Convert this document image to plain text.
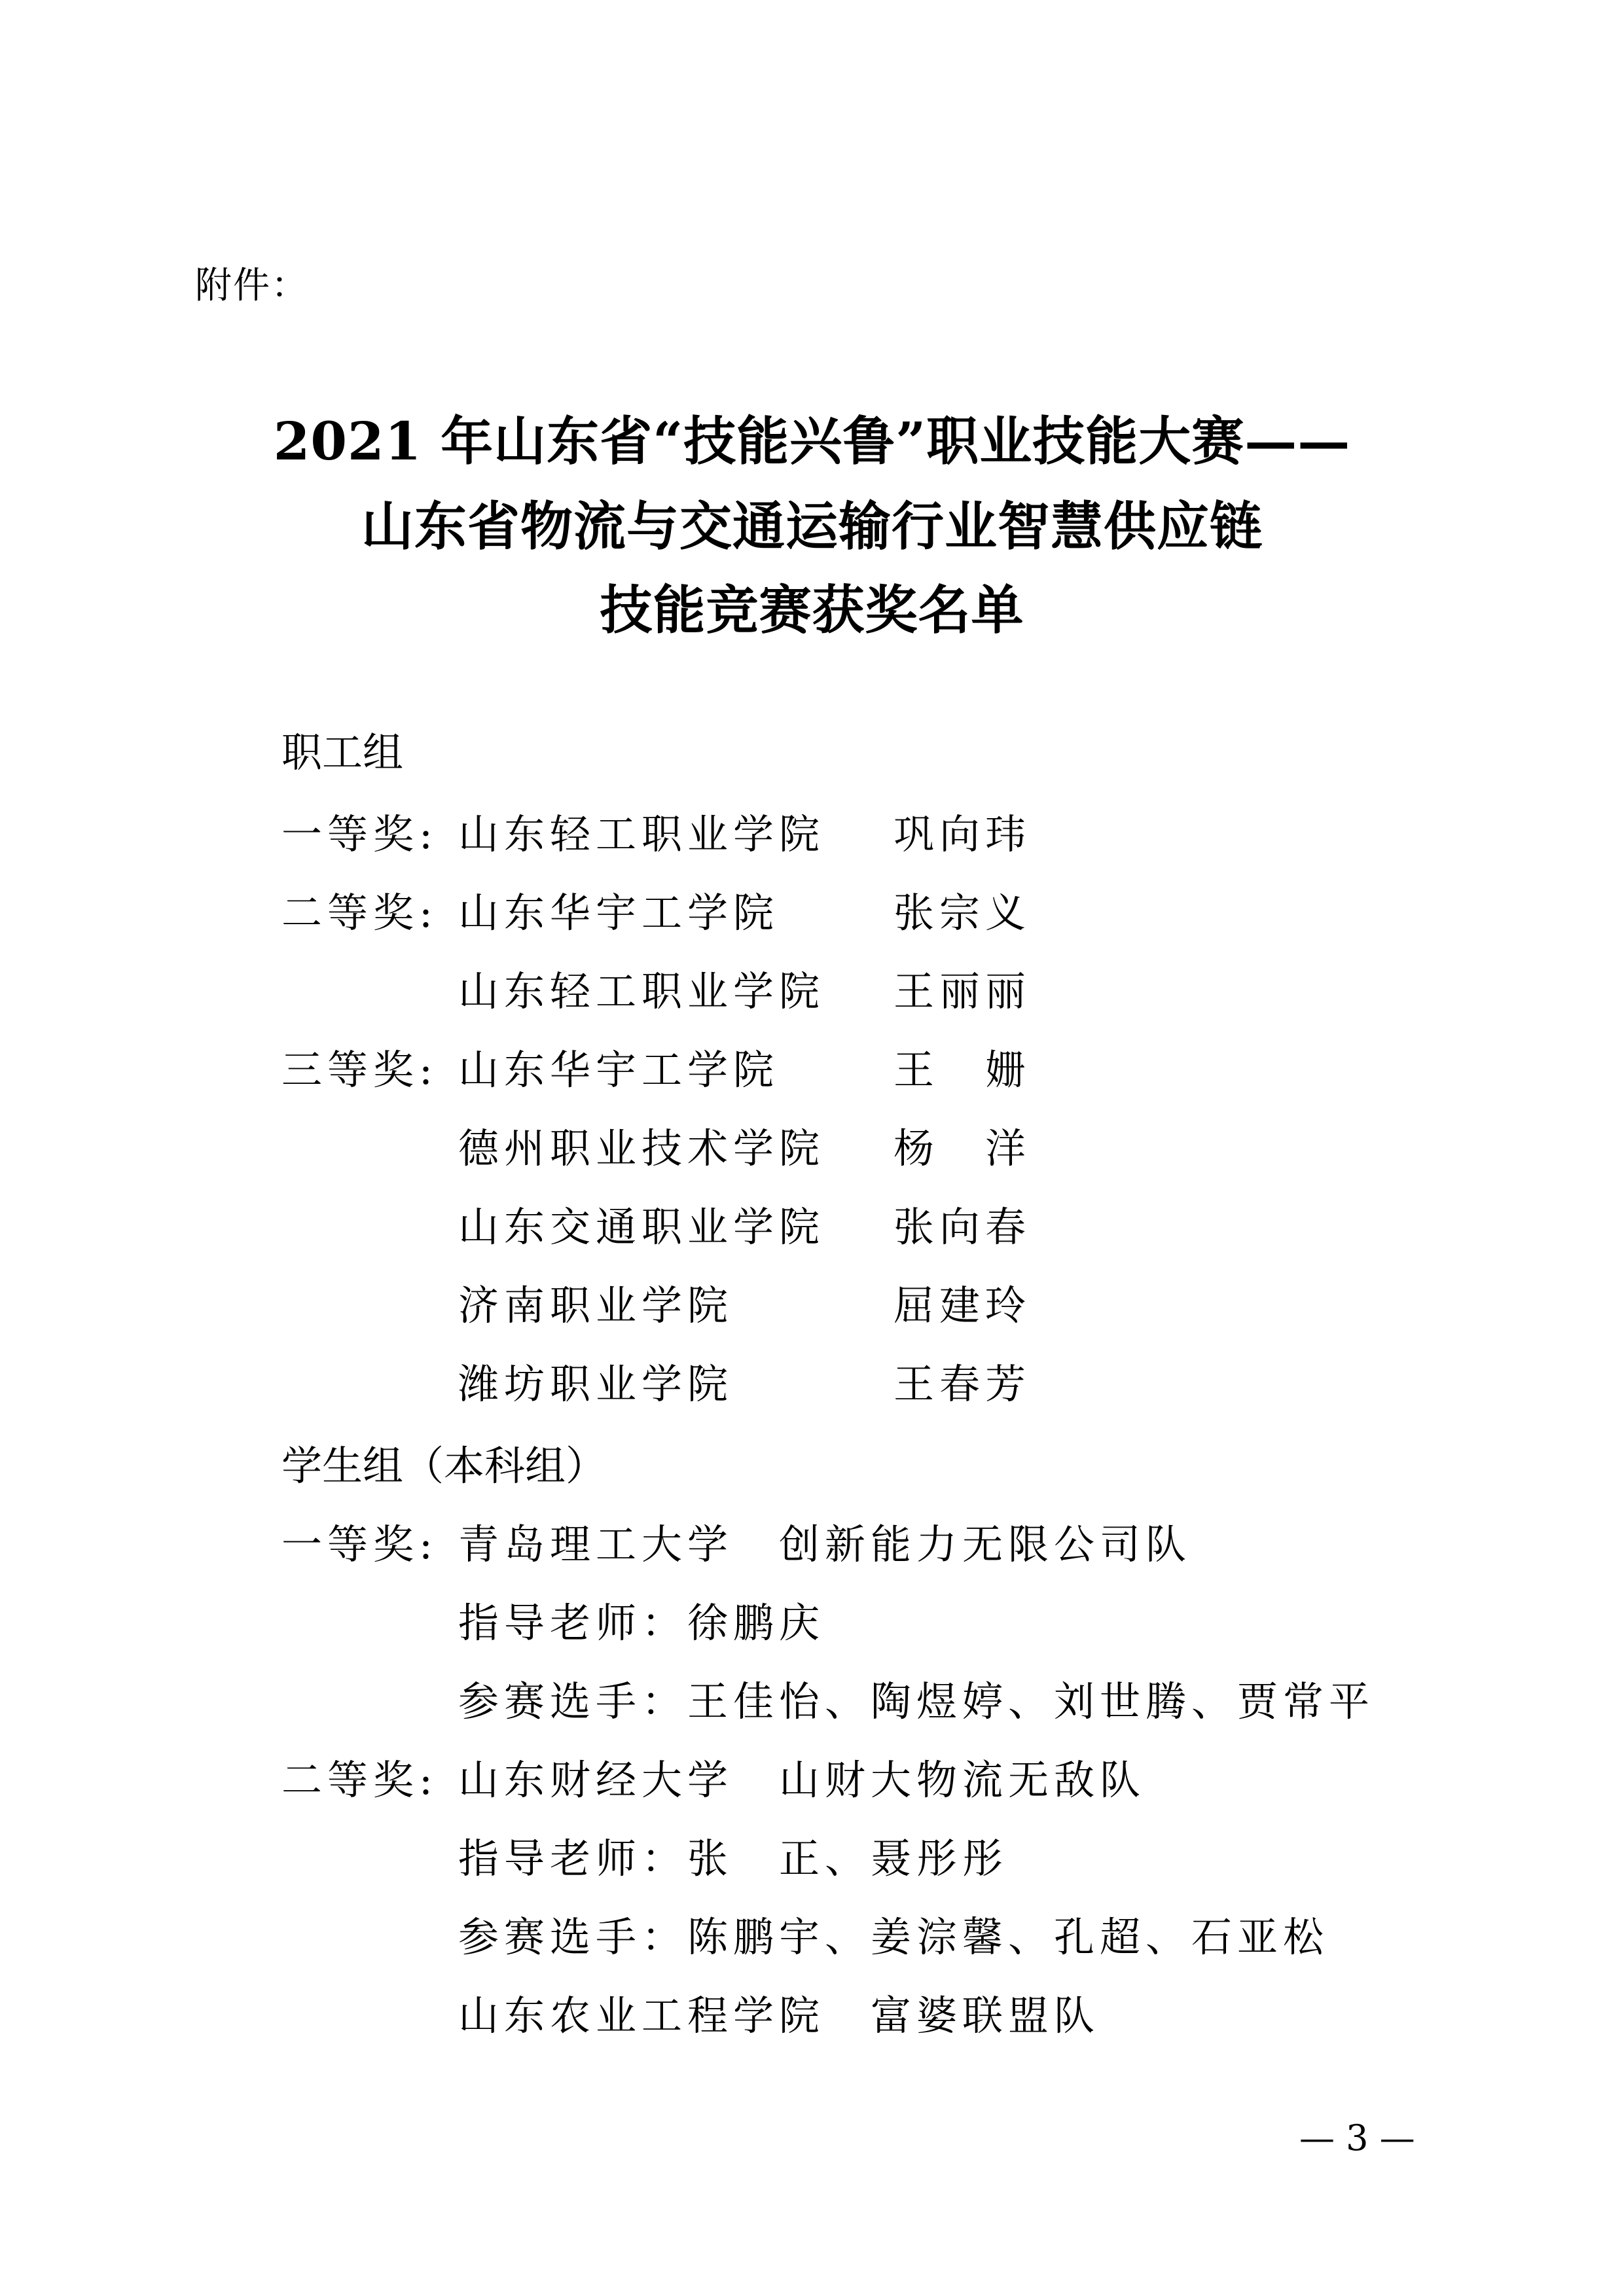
附件：
2021 年山东省“技能兴鲁”职业技能大赛——
山东省物流与交通运输行业智慧供应链
技能竞赛获奖名单
职工组
一等奖: 山东轻工职业学院 巩向玮
二等奖: 山东华宇工学院	张宗义
山东轻工职业学院 王丽丽
三等奖: 山东华宇工学院	王　姗
德州职业技术学院 杨　洋
山东交通职业学院 张向春
济南职业学院	屈建玲
潍坊职业学院	王春芳
学生组（本科组）
一等奖: 青岛理工大学　创新能力无限公司队
指导老师：徐鹏庆
参赛选手：王佳怡、陶煜婷、刘世腾、贾常平
二等奖: 山东财经大学　山财大物流无敌队
指导老师：张　正、聂彤彤
参赛选手：陈鹏宇、姜淙馨、孔超、石亚松
山东农业工程学院　富婆联盟队
— 3 —
